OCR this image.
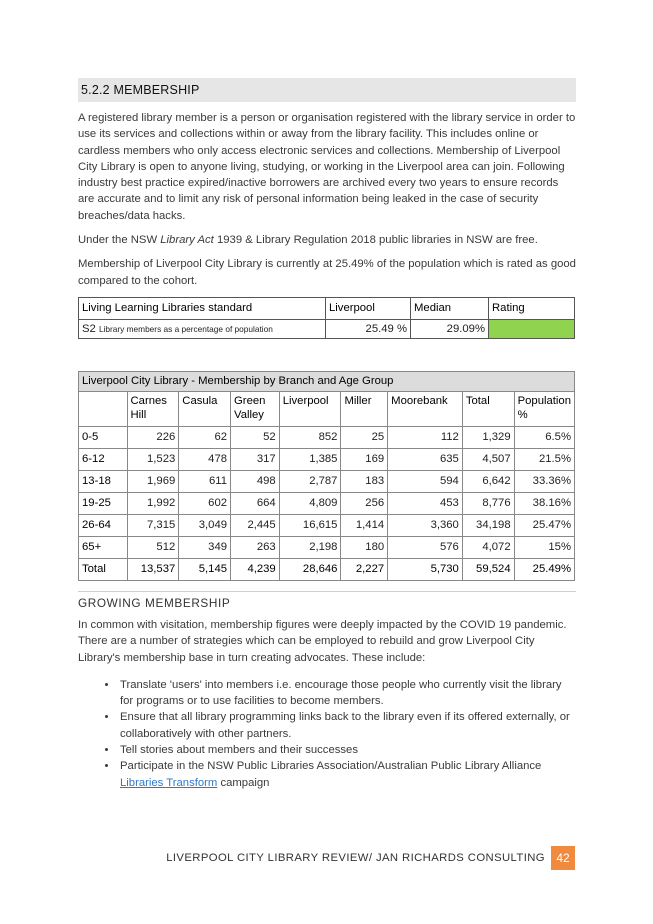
5.2.2 MEMBERSHIP

A registered library member is a person or organisation registered with the library service in order to use its services and collections within or away from the library facility. This includes online or cardless members who only access electronic services and collections. Membership of Liverpool City Library is open to anyone living, studying, or working in the Liverpool area can join. Following industry best practice expired/inactive borrowers are archived every two years to ensure records are accurate and to limit any risk of personal information being leaked in the case of security breaches/data hacks.

Under the NSW Library Act 1939 & Library Regulation 2018 public libraries in NSW are free.

Membership of Liverpool City Library is currently at 25.49% of the population which is rated as good compared to the cohort.

Living Learning Libraries standard	Liverpool	Median	Rating
S2 Library members as a percentage of population	25.49 %	29.09%	
Liverpool City Library - Membership by Branch and Age Group								
	Carnes Hill	Casula	Green Valley	Liverpool	Miller	Moorebank	Total	Population %
0-5	226	62	52	852	25	112	1,329	6.5%
6-12	1,523	478	317	1,385	169	635	4,507	21.5%
13-18	1,969	611	498	2,787	183	594	6,642	33.36%
19-25	1,992	602	664	4,809	256	453	8,776	38.16%
26-64	7,315	3,049	2,445	16,615	1,414	3,360	34,198	25.47%
65+	512	349	263	2,198	180	576	4,072	15%
Total	13,537	5,145	4,239	28,646	2,227	5,730	59,524	25.49%
GROWING MEMBERSHIP

In common with visitation, membership figures were deeply impacted by the COVID 19 pandemic. There are a number of strategies which can be employed to rebuild and grow Liverpool City Library's membership base in turn creating advocates. These include:

• Translate 'users' into members i.e. encourage those people who currently visit the library for programs or to use facilities to become members.
• Ensure that all library programming links back to the library even if its offered externally, or collaboratively with other partners.
• Tell stories about members and their successes
• Participate in the NSW Public Libraries Association/Australian Public Library Alliance Libraries Transform campaign
LIVERPOOL CITY LIBRARY REVIEW/ JAN RICHARDS CONSULTING 42
